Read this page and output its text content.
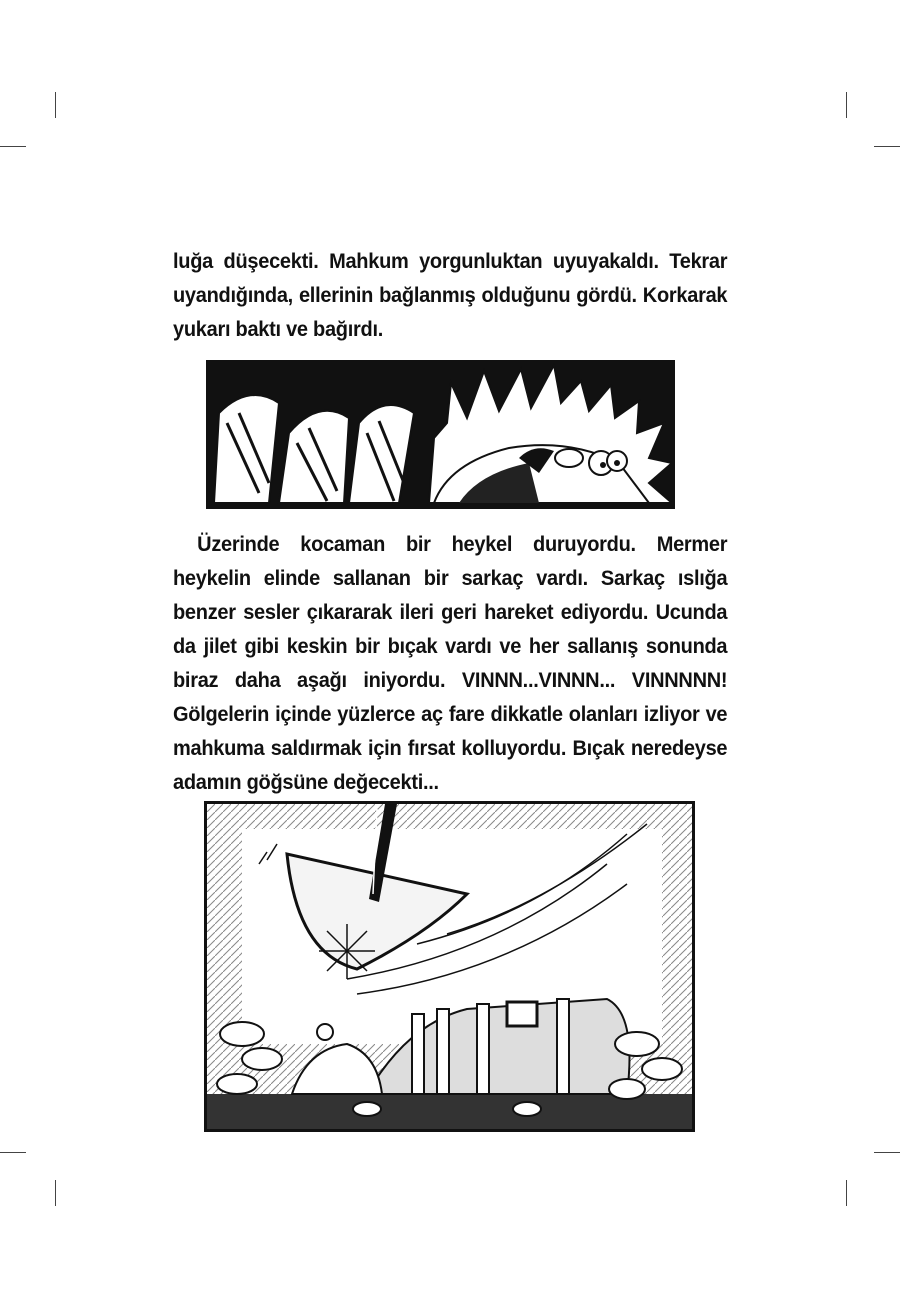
luğa düşecekti. Mahkum yorgunluktan uyuyakaldı. Tekrar uyandığında, ellerinin bağlanmış olduğunu gördü. Korkarak yukarı baktı ve bağırdı.

Üzerinde kocaman bir heykel duruyordu. Mermer heykelin elinde sallanan bir sarkaç vardı. Sarkaç ıslığa benzer sesler çıkararak ileri geri hareket ediyordu. Ucunda da jilet gibi keskin bir bıçak vardı ve her sallanış sonunda biraz daha aşağı iniyordu. VINNN...VINNN... VINNNNN! Gölgelerin içinde yüzlerce aç fare dikkatle olanları izliyor ve mahkuma saldırmak için fırsat kolluyordu. Bıçak neredeyse adamın göğsüne değecekti...
